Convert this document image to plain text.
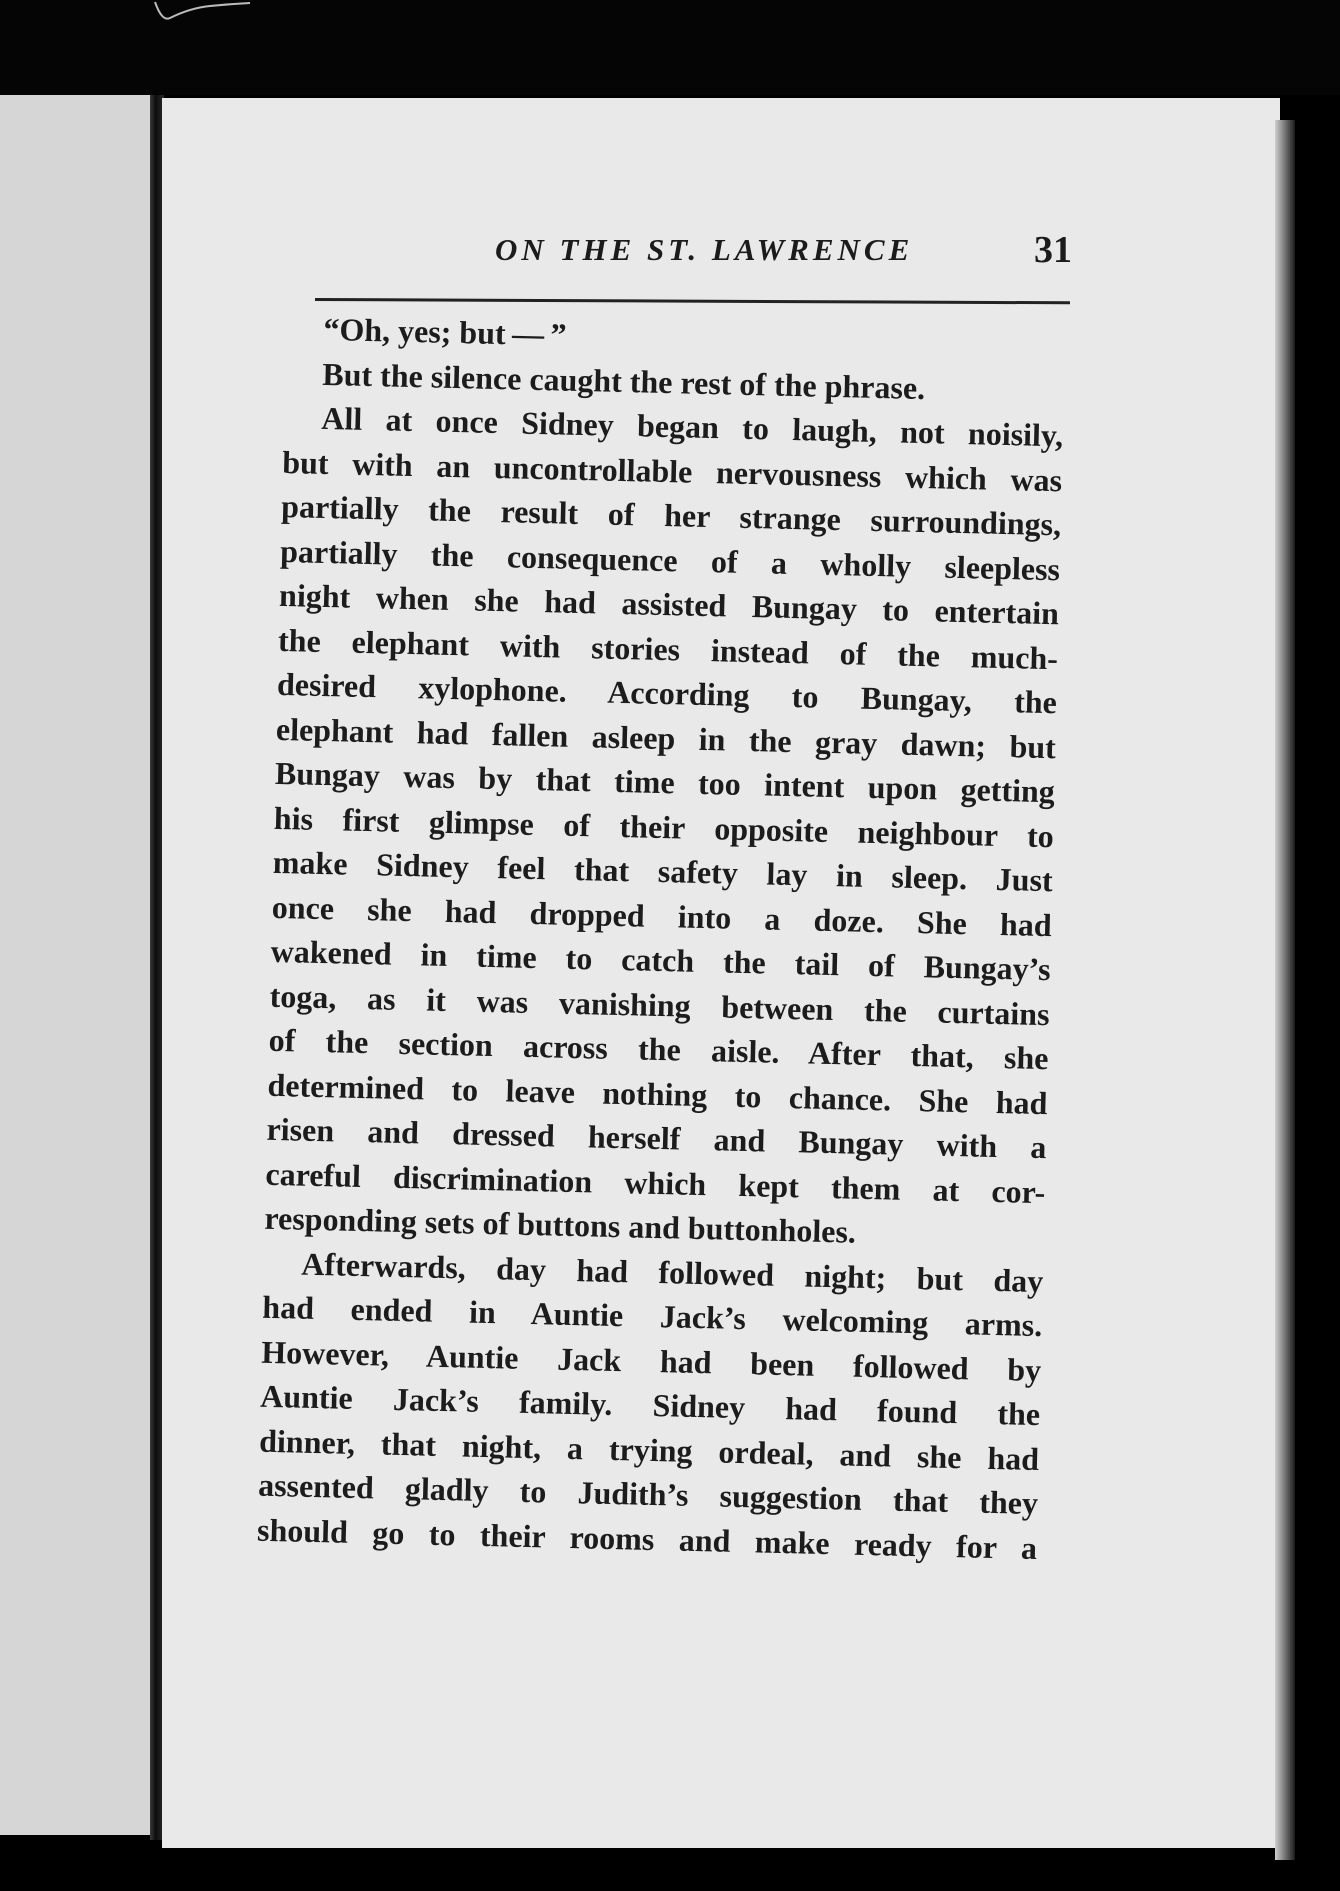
ON THE ST. LAWRENCE	31
“Oh, yes; but — ”
But the silence caught the rest of the phrase.
All at once Sidney began to laugh, not noisily,
but with an uncontrollable nervousness which was
partially the result of her strange surroundings,
partially the consequence of a wholly sleepless
night when she had assisted Bungay to entertain
the elephant with stories instead of the much-
desired xylophone. According to Bungay, the
elephant had fallen asleep in the gray dawn; but
Bungay was by that time too intent upon getting
his first glimpse of their opposite neighbour to
make Sidney feel that safety lay in sleep. Just
once she had dropped into a doze. She had
wakened in time to catch the tail of Bungay’s
toga, as it was vanishing between the curtains
of the section across the aisle. After that, she
determined to leave nothing to chance. She had
risen and dressed herself and Bungay with a
careful discrimination which kept them at cor-
responding sets of buttons and buttonholes.
Afterwards, day had followed night; but day
had ended in Auntie Jack’s welcoming arms.
However, Auntie Jack had been followed by
Auntie Jack’s family. Sidney had found the
dinner, that night, a trying ordeal, and she had
assented gladly to Judith’s suggestion that they
should go to their rooms and make ready for a
